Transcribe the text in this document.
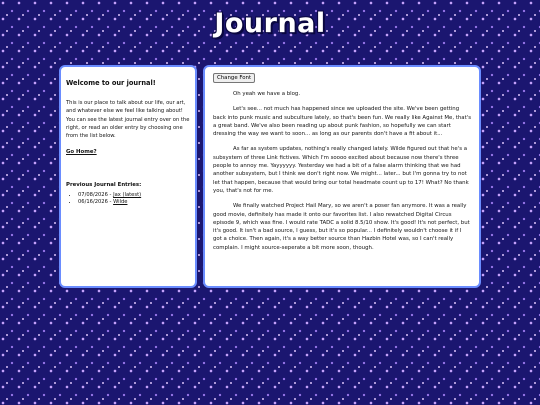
Journal
Welcome to our journal!

This is our place to talk about our life, our art, and whatever else we feel like talking about! You can see the latest journal entry over on the right, or read an older entry by choosing one from the list below.

Go Home?
Previous Journal Entries:
• 07/08/2026 - Jax (latest)
• 06/16/2026 - Wilde
Change Font

Oh yeah we have a blog.

Let's see... not much has happened since we uploaded the site. We've been getting back into punk music and subculture lately, so that's been fun. We really like Against Me, that's a great band. We've also been reading up about punk fashion, so hopefully we can start dressing the way we want to soon... as long as our parents don't have a fit about it...

As far as system updates, nothing's really changed lately. Wilde figured out that he's a subsystem of three Link fictives. Which I'm soooo excited about because now there's three people to annoy me. Yayyyyyy. Yesterday we had a bit of a false alarm thinking that we had another subsystem, but I think we don't right now. We might... later... but I'm gonna try to not let that happen, because that would bring our total headmate count up to 17! What? No thank you, that's not for me.

We finally watched Project Hail Mary, so we aren't a poser fan anymore. It was a really good movie, definitely has made it onto our favorites list. I also rewatched Digital Circus episode 9, which was fine. I would rate TADC a solid 8.5/10 show. It's good! It's not perfect, but it's good. It isn't a bad source, I guess, but it's so popular... I definitely wouldn't choose it if I got a choice. Then again, it's a way better source than Hazbin Hotel was, so I can't really complain. I might source-seperate a bit more soon, though.
